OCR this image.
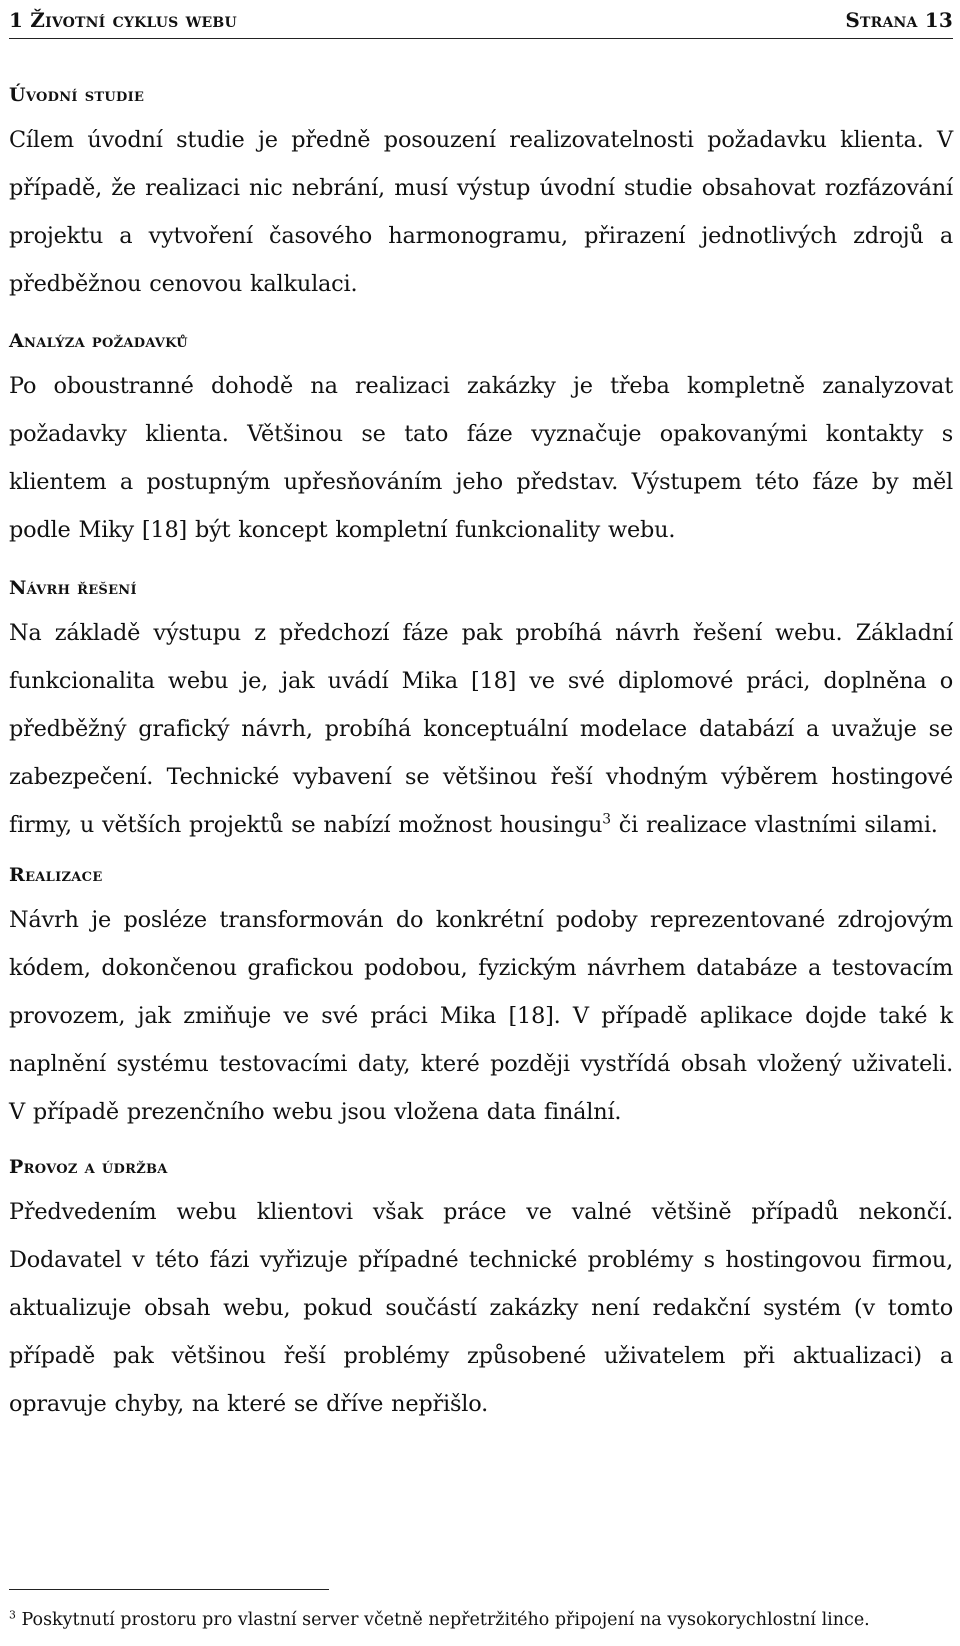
1 Životní cyklus webu	Strana 13
Úvodní studie

Cílem úvodní studie je předně posouzení realizovatelnosti požadavku klienta. V případě, že realizaci nic nebrání, musí výstup úvodní studie obsahovat rozfázování projektu a vytvoření časového harmonogramu, přirazení jednotlivých zdrojů a předběžnou cenovou kalkulaci.

Analýza požadavků

Po oboustranné dohodě na realizaci zakázky je třeba kompletně zanalyzovat požadavky klienta. Většinou se tato fáze vyznačuje opakovanými kontakty s klientem a postupným upřesňováním jeho představ. Výstupem této fáze by měl podle Miky [18] být koncept kompletní funkcionality webu.

Návrh řešení

Na základě výstupu z předchozí fáze pak probíhá návrh řešení webu. Základní funkcionalita webu je, jak uvádí Mika [18] ve své diplomové práci, doplněna o předběžný grafický návrh, probíhá konceptuální modelace databází a uvažuje se zabezpečení. Technické vybavení se většinou řeší vhodným výběrem hostingové firmy, u větších projektů se nabízí možnost housingu$^3$ či realizace vlastními silami.

Realizace

Návrh je posléze transformován do konkrétní podoby reprezentované zdrojovým kódem, dokončenou grafickou podobou, fyzickým návrhem databáze a testovacím provozem, jak zmiňuje ve své práci Mika [18]. V případě aplikace dojde také k naplnění systému testovacími daty, které později vystřídá obsah vložený uživateli. V případě prezenčního webu jsou vložena data finální.

Provoz a údržba

Předvedením webu klientovi však práce ve valné většině případů nekončí. Dodavatel v této fázi vyřizuje případné technické problémy s hostingovou firmou, aktualizuje obsah webu, pokud součástí zakázky není redakční systém (v tomto případě pak většinou řeší problémy způsobené uživatelem při aktualizaci) a opravuje chyby, na které se dříve nepřišlo.

$^3$ Poskytnutí prostoru pro vlastní server včetně nepřetržitého připojení na vysokorychlostní lince.
